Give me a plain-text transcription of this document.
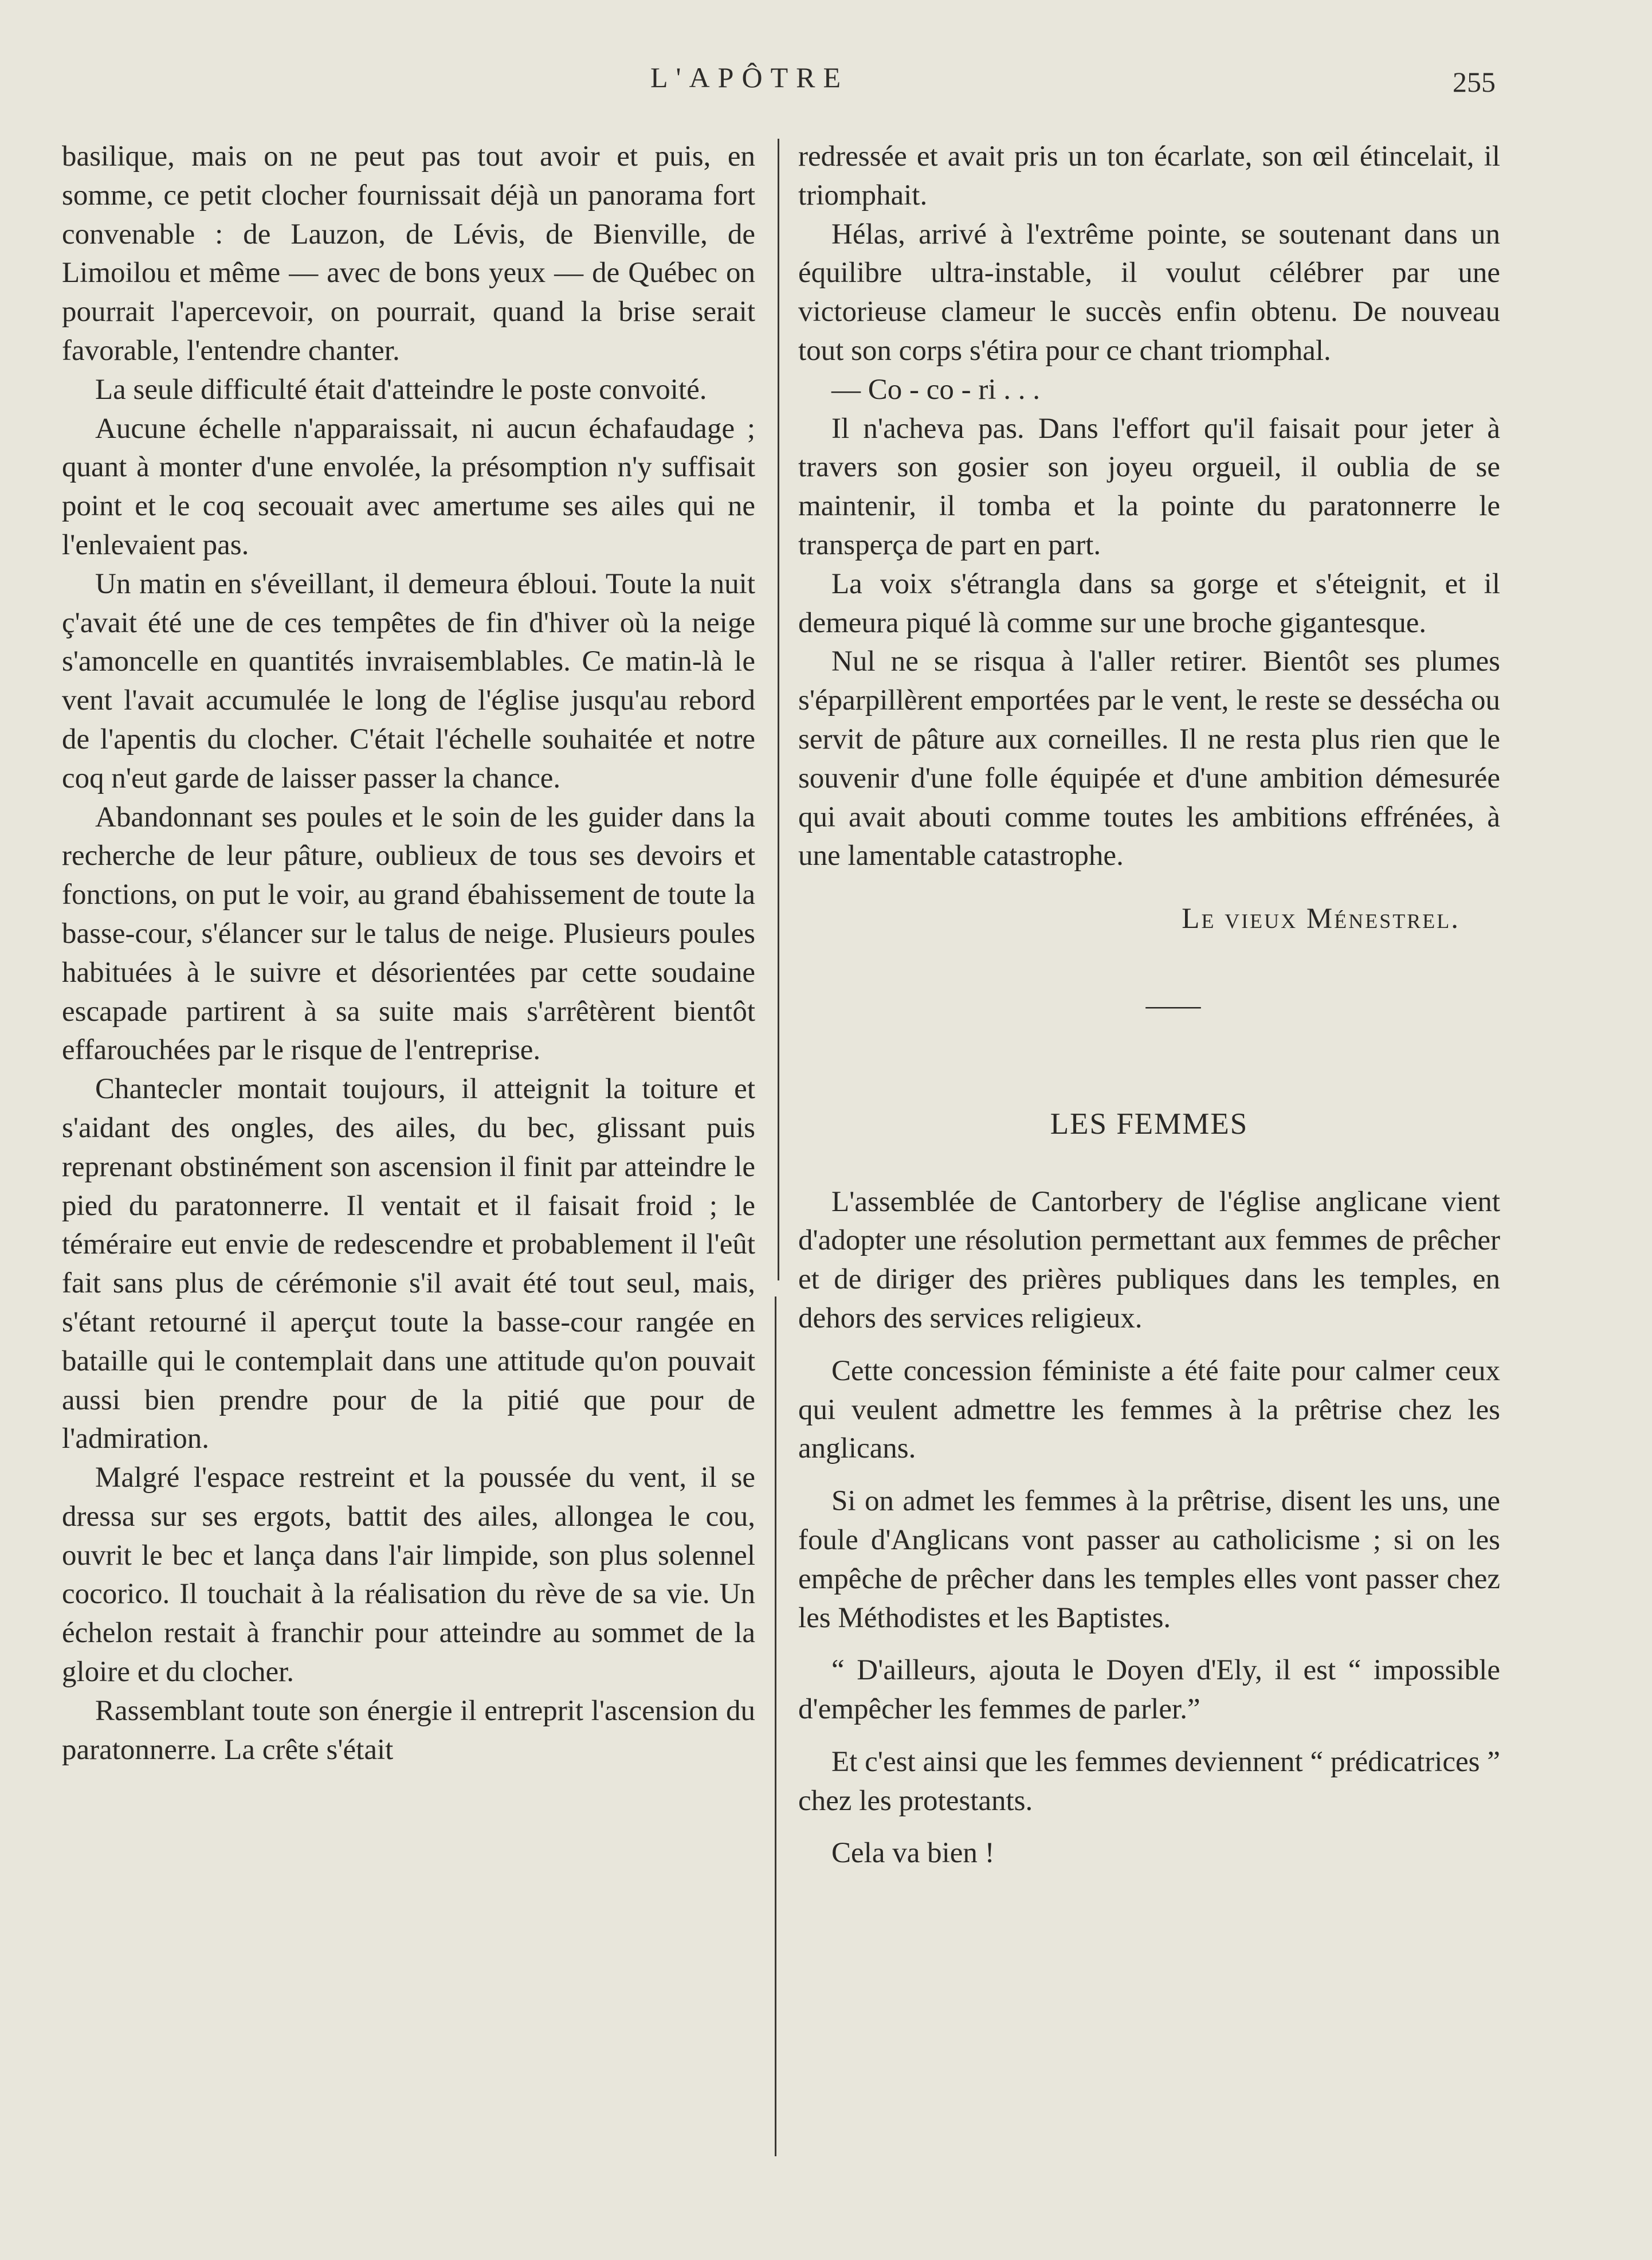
L'APÔTRE	255

basilique, mais on ne peut pas tout avoir et puis, en somme, ce petit clocher fournissait déjà un panorama fort convenable : de Lauzon, de Lévis, de Bienville, de Limoilou et même — avec de bons yeux — de Québec on pourrait l'apercevoir, on pourrait, quand la brise serait favorable, l'entendre chanter.

La seule difficulté était d'atteindre le poste convoité.

Aucune échelle n'apparaissait, ni aucun échafaudage ; quant à monter d'une envolée, la présomption n'y suffisait point et le coq secouait avec amertume ses ailes qui ne l'enlevaient pas.

Un matin en s'éveillant, il demeura ébloui. Toute la nuit ç'avait été une de ces tempêtes de fin d'hiver où la neige s'amoncelle en quantités invraisemblables. Ce matin-là le vent l'avait accumulée le long de l'église jusqu'au rebord de l'apentis du clocher. C'était l'échelle souhaitée et notre coq n'eut garde de laisser passer la chance.

Abandonnant ses poules et le soin de les guider dans la recherche de leur pâture, oublieux de tous ses devoirs et fonctions, on put le voir, au grand ébahissement de toute la basse-cour, s'élancer sur le talus de neige. Plusieurs poules habituées à le suivre et désorientées par cette soudaine escapade partirent à sa suite mais s'arrêtèrent bientôt effarouchées par le risque de l'entreprise.

Chantecler montait toujours, il atteignit la toiture et s'aidant des ongles, des ailes, du bec, glissant puis reprenant obstinément son ascension il finit par atteindre le pied du paratonnerre. Il ventait et il faisait froid ; le téméraire eut envie de redescendre et probablement il l'eût fait sans plus de cérémonie s'il avait été tout seul, mais, s'étant retourné il aperçut toute la basse-cour rangée en bataille qui le contemplait dans une attitude qu'on pouvait aussi bien prendre pour de la pitié que pour de l'admiration.

Malgré l'espace restreint et la poussée du vent, il se dressa sur ses ergots, battit des ailes, allongea le cou, ouvrit le bec et lança dans l'air limpide, son plus solennel cocorico. Il touchait à la réalisation du rève de sa vie. Un échelon restait à franchir pour atteindre au sommet de la gloire et du clocher.

Rassemblant toute son énergie il entreprit l'ascension du paratonnerre. La crête s'était

redressée et avait pris un ton écarlate, son œil étincelait, il triomphait.

Hélas, arrivé à l'extrême pointe, se soutenant dans un équilibre ultra-instable, il voulut célébrer par une victorieuse clameur le succès enfin obtenu. De nouveau tout son corps s'étira pour ce chant triomphal.

— Co - co - ri . . .

Il n'acheva pas. Dans l'effort qu'il faisait pour jeter à travers son gosier son joyeu orgueil, il oublia de se maintenir, il tomba et la pointe du paratonnerre le transperça de part en part.

La voix s'étrangla dans sa gorge et s'éteignit, et il demeura piqué là comme sur une broche gigantesque.

Nul ne se risqua à l'aller retirer. Bientôt ses plumes s'éparpillèrent emportées par le vent, le reste se dessécha ou servit de pâture aux corneilles. Il ne resta plus rien que le souvenir d'une folle équipée et d'une ambition démesurée qui avait abouti comme toutes les ambitions effrénées, à une lamentable catastrophe.

Le vieux Ménestrel.

——

LES FEMMES

L'assemblée de Cantorbery de l'église anglicane vient d'adopter une résolution permettant aux femmes de prêcher et de diriger des prières publiques dans les temples, en dehors des services religieux.

Cette concession féministe a été faite pour calmer ceux qui veulent admettre les femmes à la prêtrise chez les anglicans.

Si on admet les femmes à la prêtrise, disent les uns, une foule d'Anglicans vont passer au catholicisme ; si on les empêche de prêcher dans les temples elles vont passer chez les Méthodistes et les Baptistes.

“ D'ailleurs, ajouta le Doyen d'Ely, il est “ impossible d'empêcher les femmes de parler.”

Et c'est ainsi que les femmes deviennent “ prédicatrices ” chez les protestants.

Cela va bien !
